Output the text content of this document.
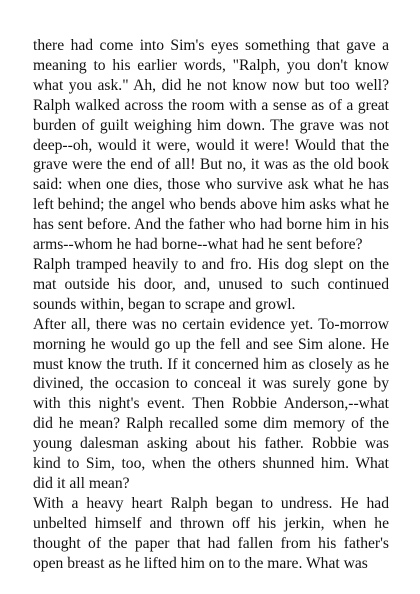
there had come into Sim's eyes something that gave a meaning to his earlier words, "Ralph, you don't know what you ask." Ah, did he not know now but too well? Ralph walked across the room with a sense as of a great burden of guilt weighing him down. The grave was not deep--oh, would it were, would it were! Would that the grave were the end of all! But no, it was as the old book said: when one dies, those who survive ask what he has left behind; the angel who bends above him asks what he has sent before. And the father who had borne him in his arms--whom he had borne--what had he sent before?

Ralph tramped heavily to and fro. His dog slept on the mat outside his door, and, unused to such continued sounds within, began to scrape and growl.

After all, there was no certain evidence yet. To-morrow morning he would go up the fell and see Sim alone. He must know the truth. If it concerned him as closely as he divined, the occasion to conceal it was surely gone by with this night's event. Then Robbie Anderson,--what did he mean? Ralph recalled some dim memory of the young dalesman asking about his father. Robbie was kind to Sim, too, when the others shunned him. What did it all mean?

With a heavy heart Ralph began to undress. He had unbelted himself and thrown off his jerkin, when he thought of the paper that had fallen from his father's open breast as he lifted him on to the mare. What was
